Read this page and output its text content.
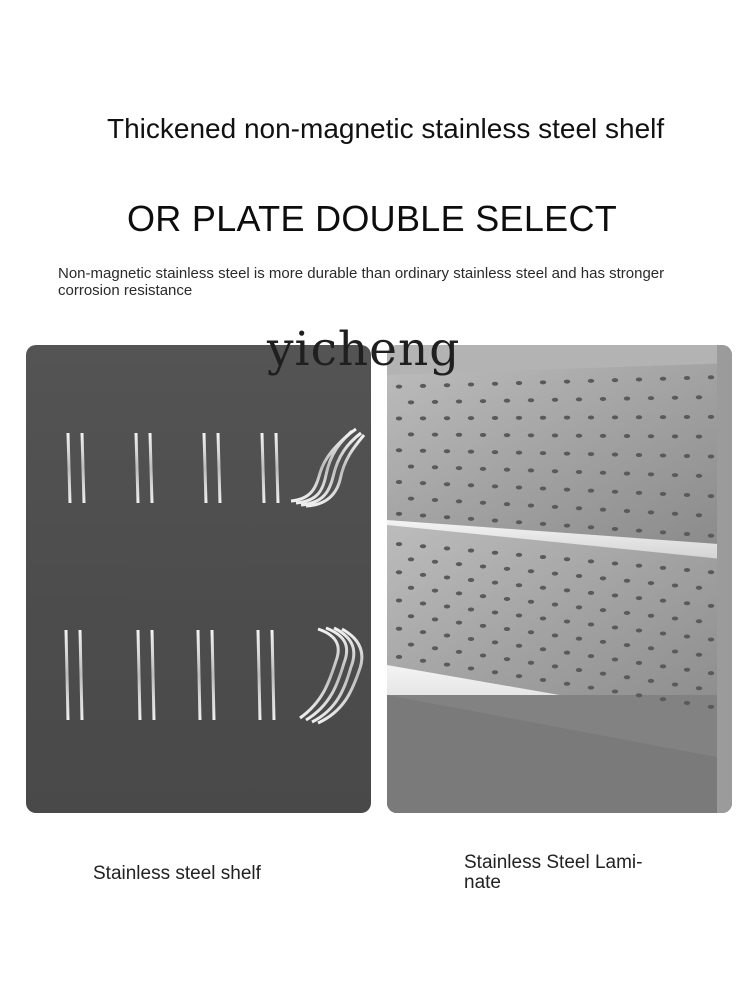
Thickened non-magnetic stainless steel shelf
OR PLATE DOUBLE SELECT
Non-magnetic stainless steel is more durable than ordinary stainless steel and has stronger corrosion resistance
yicheng
Stainless steel shelf
Stainless Steel Lami-
nate
